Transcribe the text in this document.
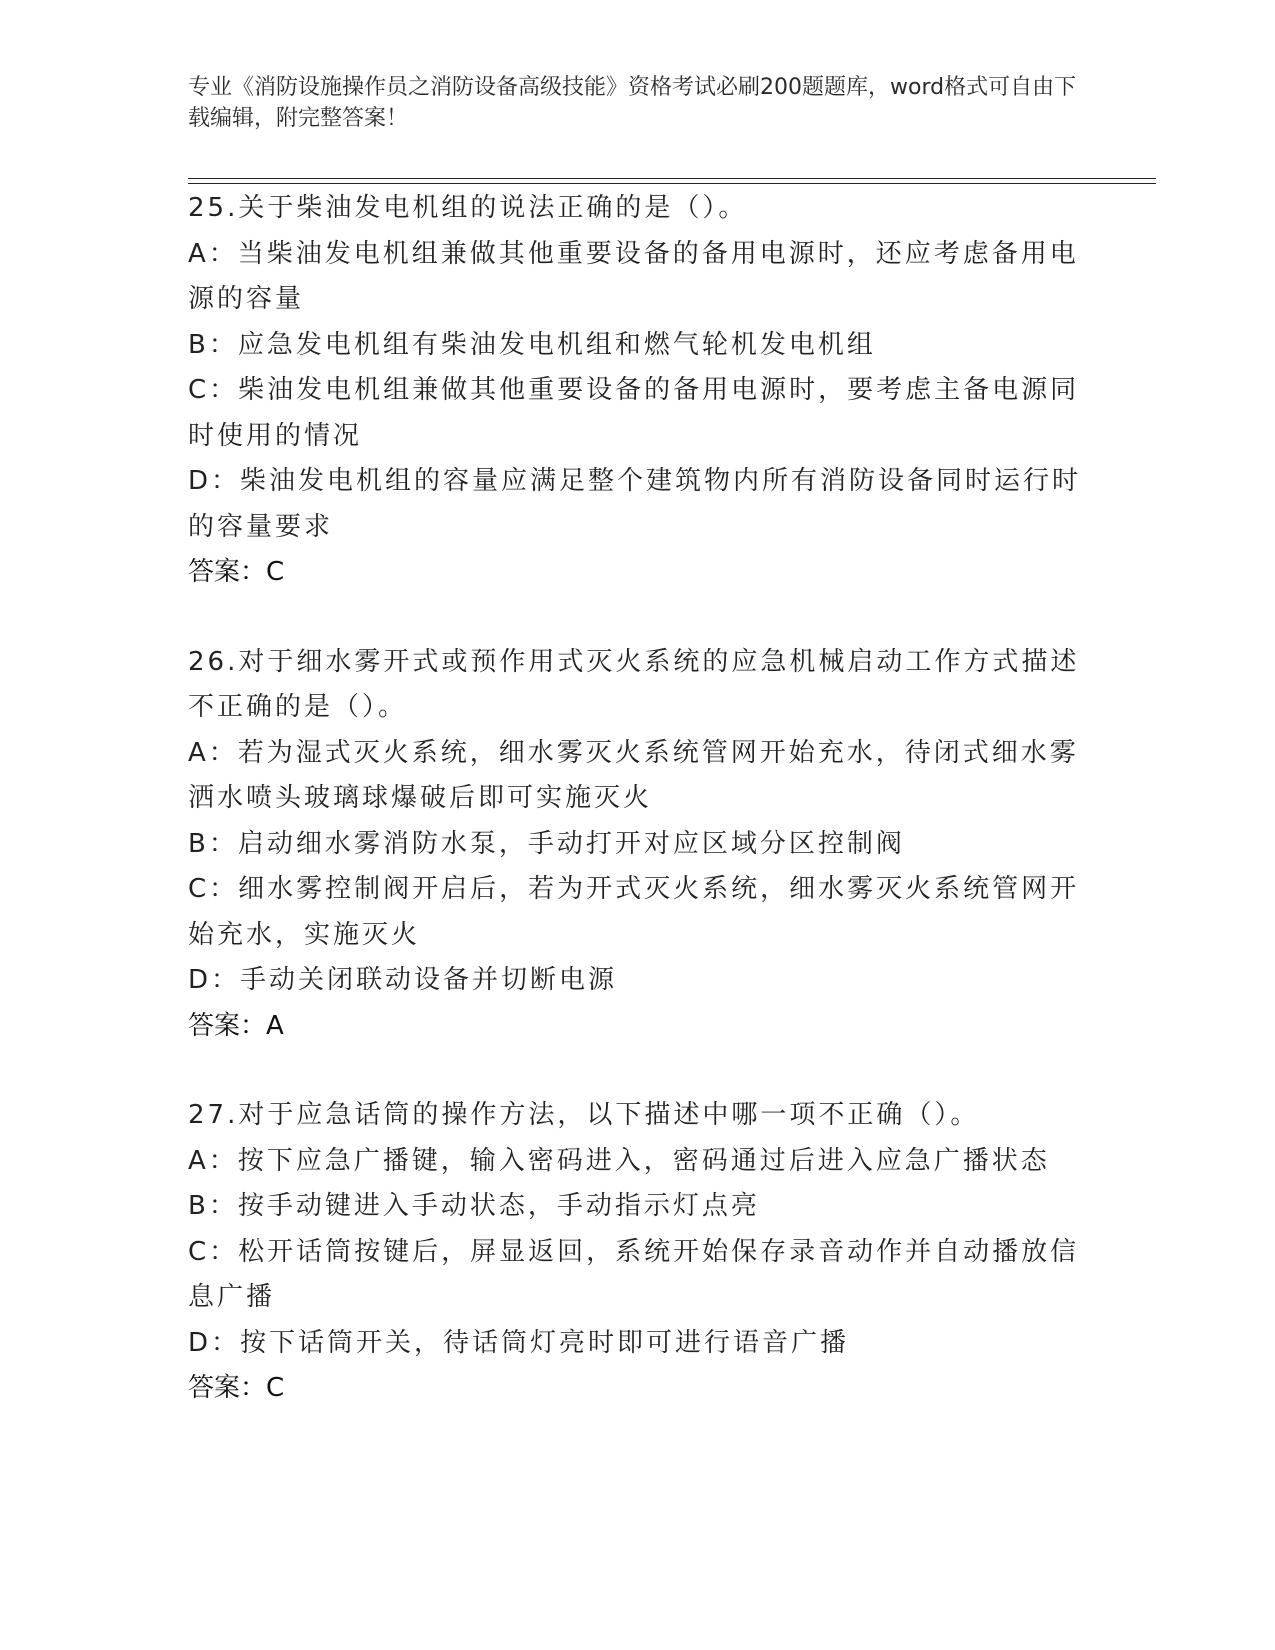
专业《消防设施操作员之消防设备高级技能》资格考试必刷200题题库，word格式可自由下载编辑，附完整答案！
25.关于柴油发电机组的说法正确的是（）。
A：当柴油发电机组兼做其他重要设备的备用电源时，还应考虑备用电源的容量
B：应急发电机组有柴油发电机组和燃气轮机发电机组
C：柴油发电机组兼做其他重要设备的备用电源时，要考虑主备电源同时使用的情况
D：柴油发电机组的容量应满足整个建筑物内所有消防设备同时运行时的容量要求
答案：C
26.对于细水雾开式或预作用式灭火系统的应急机械启动工作方式描述不正确的是（）。
A：若为湿式灭火系统，细水雾灭火系统管网开始充水，待闭式细水雾洒水喷头玻璃球爆破后即可实施灭火
B：启动细水雾消防水泵，手动打开对应区域分区控制阀
C：细水雾控制阀开启后，若为开式灭火系统，细水雾灭火系统管网开始充水，实施灭火
D：手动关闭联动设备并切断电源
答案：A
27.对于应急话筒的操作方法，以下描述中哪一项不正确（）。
A：按下应急广播键，输入密码进入，密码通过后进入应急广播状态
B：按手动键进入手动状态，手动指示灯点亮
C：松开话筒按键后，屏显返回，系统开始保存录音动作并自动播放信息广播
D：按下话筒开关，待话筒灯亮时即可进行语音广播
答案：C
